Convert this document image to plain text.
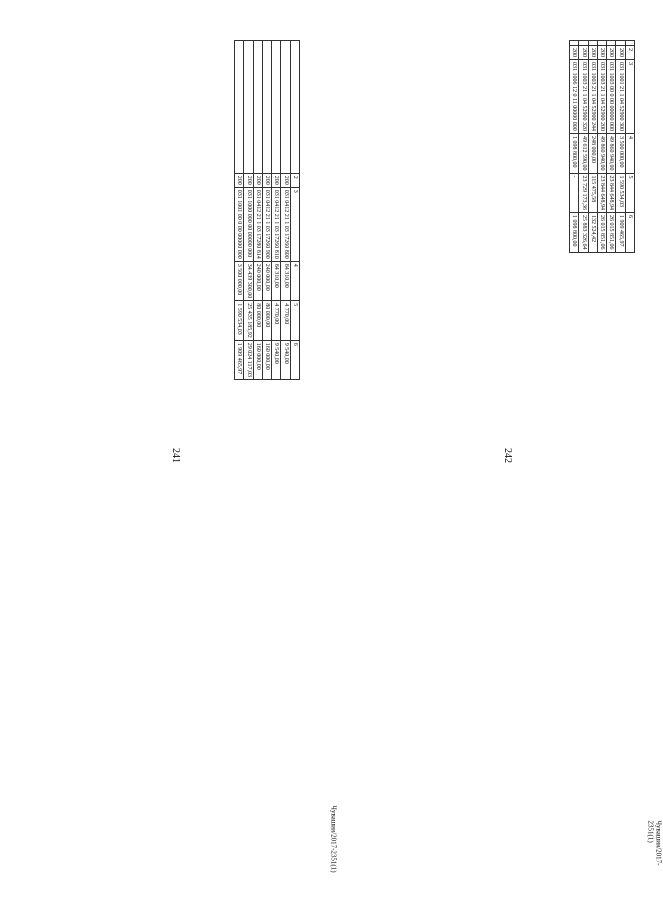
241
	2	3	4	5	6
	200	031 0412 21 1 03 17260 800	84 310,00	4 770,00	9 540,00
	200	031 0412 21 1 03 17260 810	84 310,00	4 770,00	9 540,00
	200	031 0412 21 1 03 17260 900	240 000,00	80 000,00	160 000,00
	200	031 0412 21 1 03 17280 814	240 000,00	80 000,00	160 000,00
	200	031 1000 000 00 00000 000	34 439 300,00	25 435 185,92	29 024 117,03
	200	031 1001 00 0 00 00000 000	3 500 000,00	1 590 534,03	1 909 465,97
Чувашия/2017-2351(1)
242
	2	3	4	5	6
	200	031 1001 21 1 04 52900 300	3 500 000,00	1 590 534,03	1 909 465,97
	200	031 1003 00 0 00 00000 000	49 860 940,00	23 844 648,94	26 015 851,06
	200	031 1003 21 1 04 52900 200	49 860 940,00	23 844 648,94	26 015 851,06
	200	031 1003 21 1 04 52900 244	248 000,00	115 475,58	132 524,42
	200	031 1003 21 1 04 52900 320	49 612 590,00	23 729 173,36	25 883 326,64
	200	031 1006 12 0 11 00000 000	1 098 800,00	-	1 098 800,00
Чувашия/2017-2351(1)
